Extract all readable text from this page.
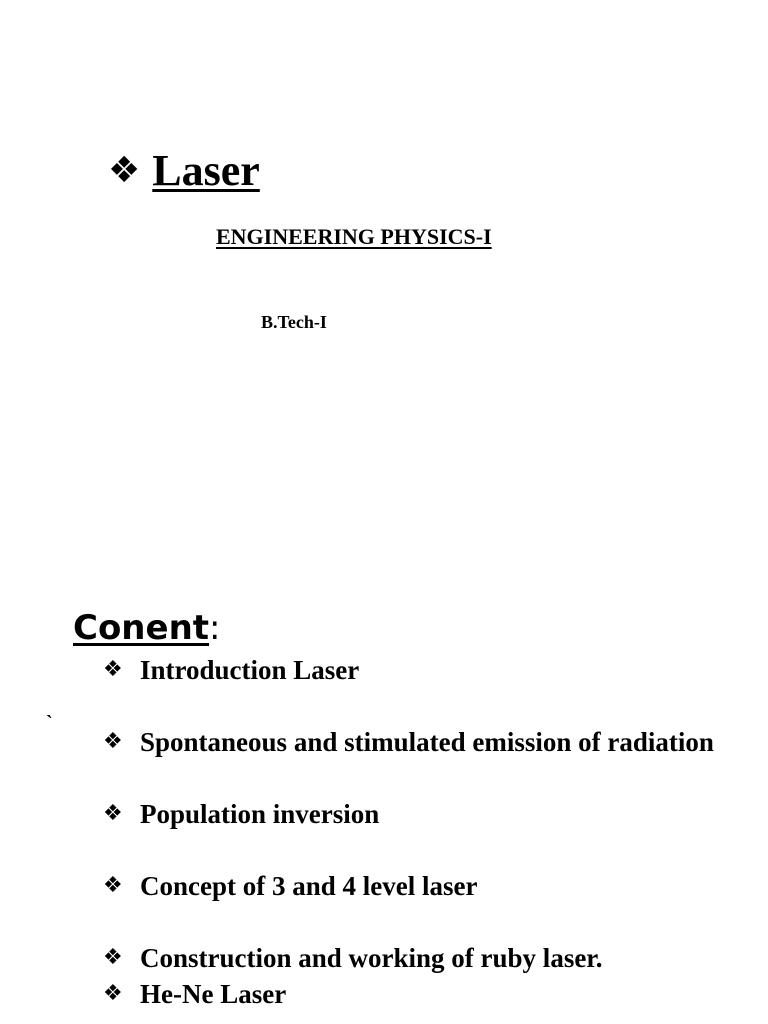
❖ Laser
ENGINEERING PHYSICS-I
B.Tech-I
Conent:
`
❖ Introduction Laser
❖ Spontaneous and stimulated emission of radiation
❖ Population inversion
❖ Concept of 3 and 4 level laser
❖ Construction and working of ruby laser.
❖ He-Ne Laser
